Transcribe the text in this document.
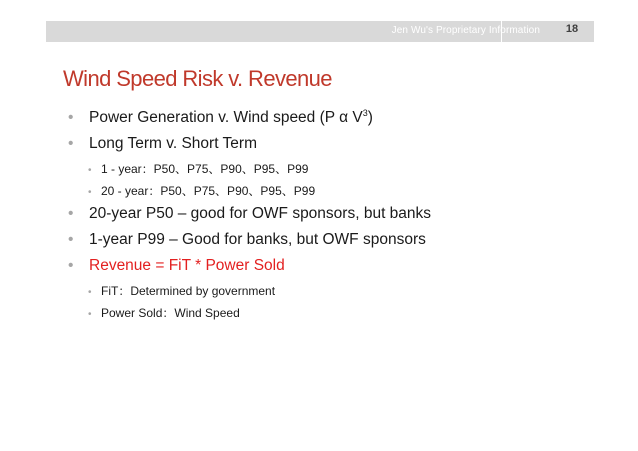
Jen Wu's Proprietary Information	18
Wind Speed Risk v. Revenue
• Power Generation v. Wind speed (P α $V^3$)
• Long Term v. Short Term
• 1 - year：P50、P75、P90、P95、P99
• 20 - year：P50、P75、P90、P95、P99
• 20-year P50 – good for OWF sponsors, but banks
• 1-year P99 – Good for banks, but OWF sponsors
• Revenue = FiT * Power Sold
• FiT：Determined by government
• Power Sold：Wind Speed
